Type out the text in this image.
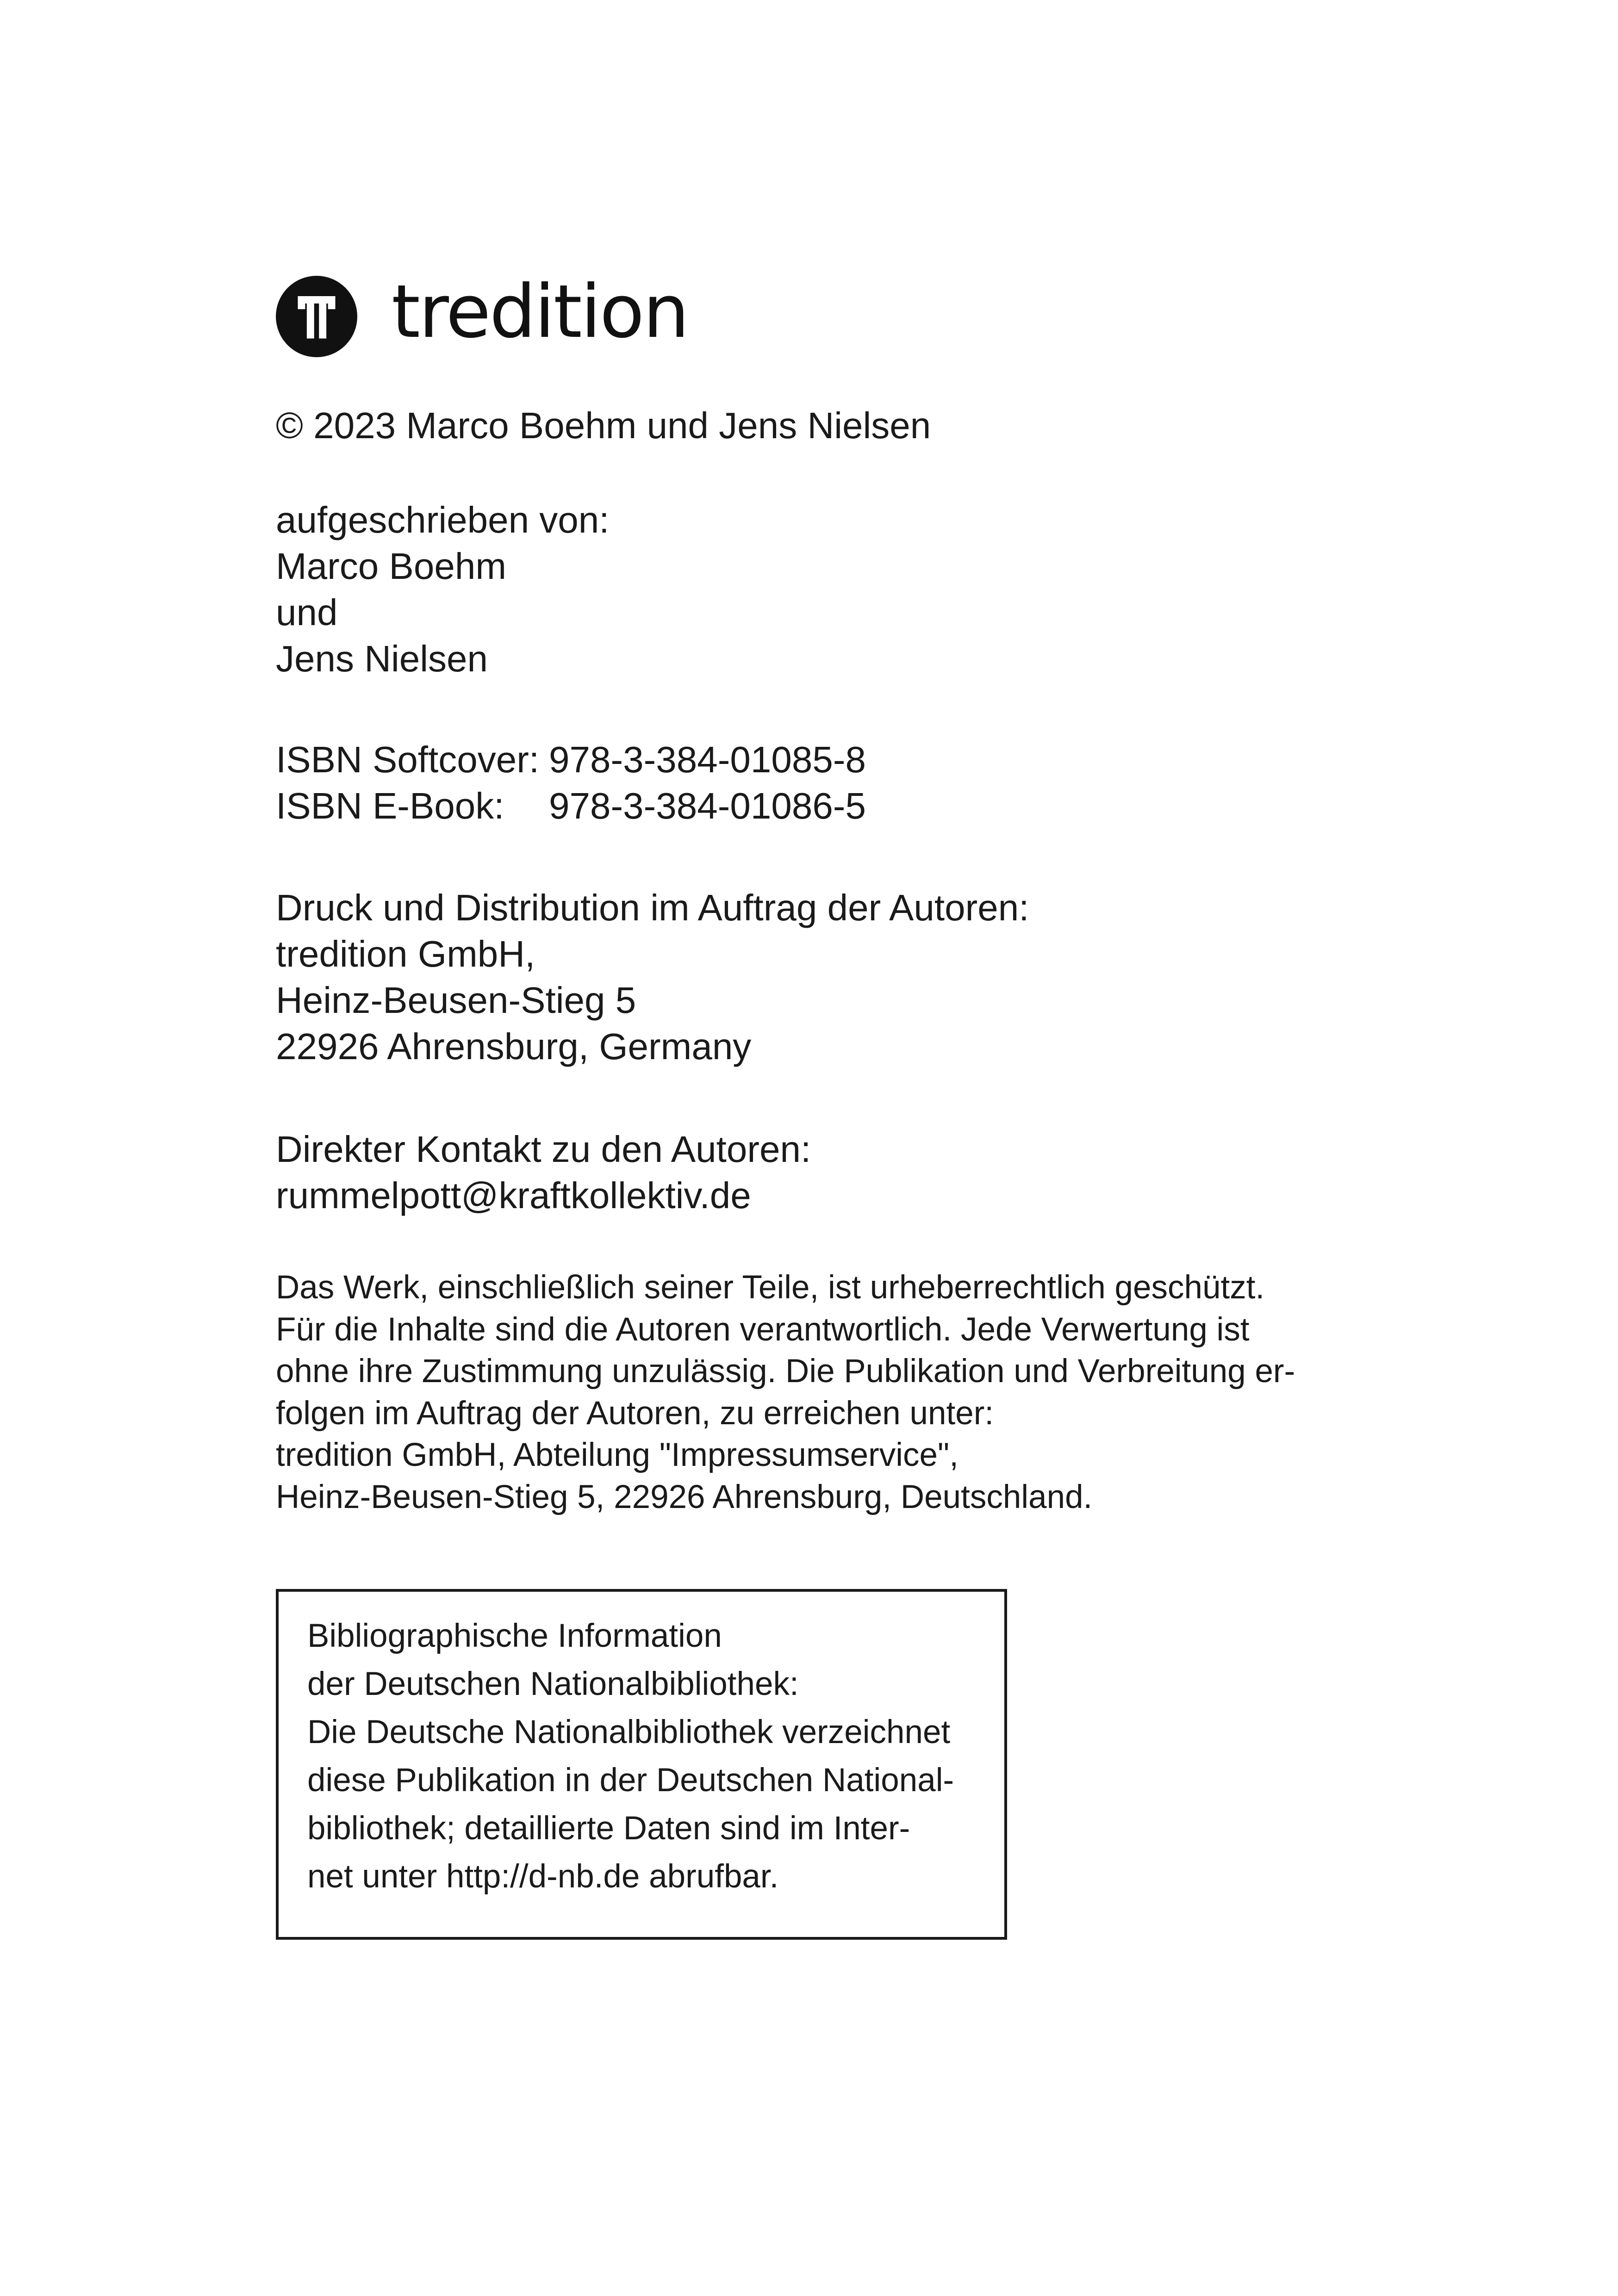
tredition

© 2023 Marco Boehm und Jens Nielsen

aufgeschrieben von:

Marco Boehm

und

Jens Nielsen

ISBN Softcover: 978-3-384-01085-8
ISBN E-Book:	978-3-384-01086-5

Druck und Distribution im Auftrag der Autoren:

tredition GmbH,

Heinz-Beusen-Stieg 5

22926 Ahrensburg, Germany

Direkter Kontakt zu den Autoren:

rummelpott@kraftkollektiv.de

Das Werk, einschließlich seiner Teile, ist urheberrechtlich geschützt.

Für die Inhalte sind die Autoren verantwortlich. Jede Verwertung ist

ohne ihre Zustimmung unzulässig. Die Publikation und Verbreitung er-

folgen im Auftrag der Autoren, zu erreichen unter:

tredition GmbH, Abteilung "Impressumservice",

Heinz-Beusen-Stieg 5, 22926 Ahrensburg, Deutschland.

Bibliographische Information

der Deutschen Nationalbibliothek:

Die Deutsche Nationalbibliothek verzeichnet

diese Publikation in der Deutschen National-

bibliothek; detaillierte Daten sind im Inter-

net unter http://d-nb.de abrufbar.
